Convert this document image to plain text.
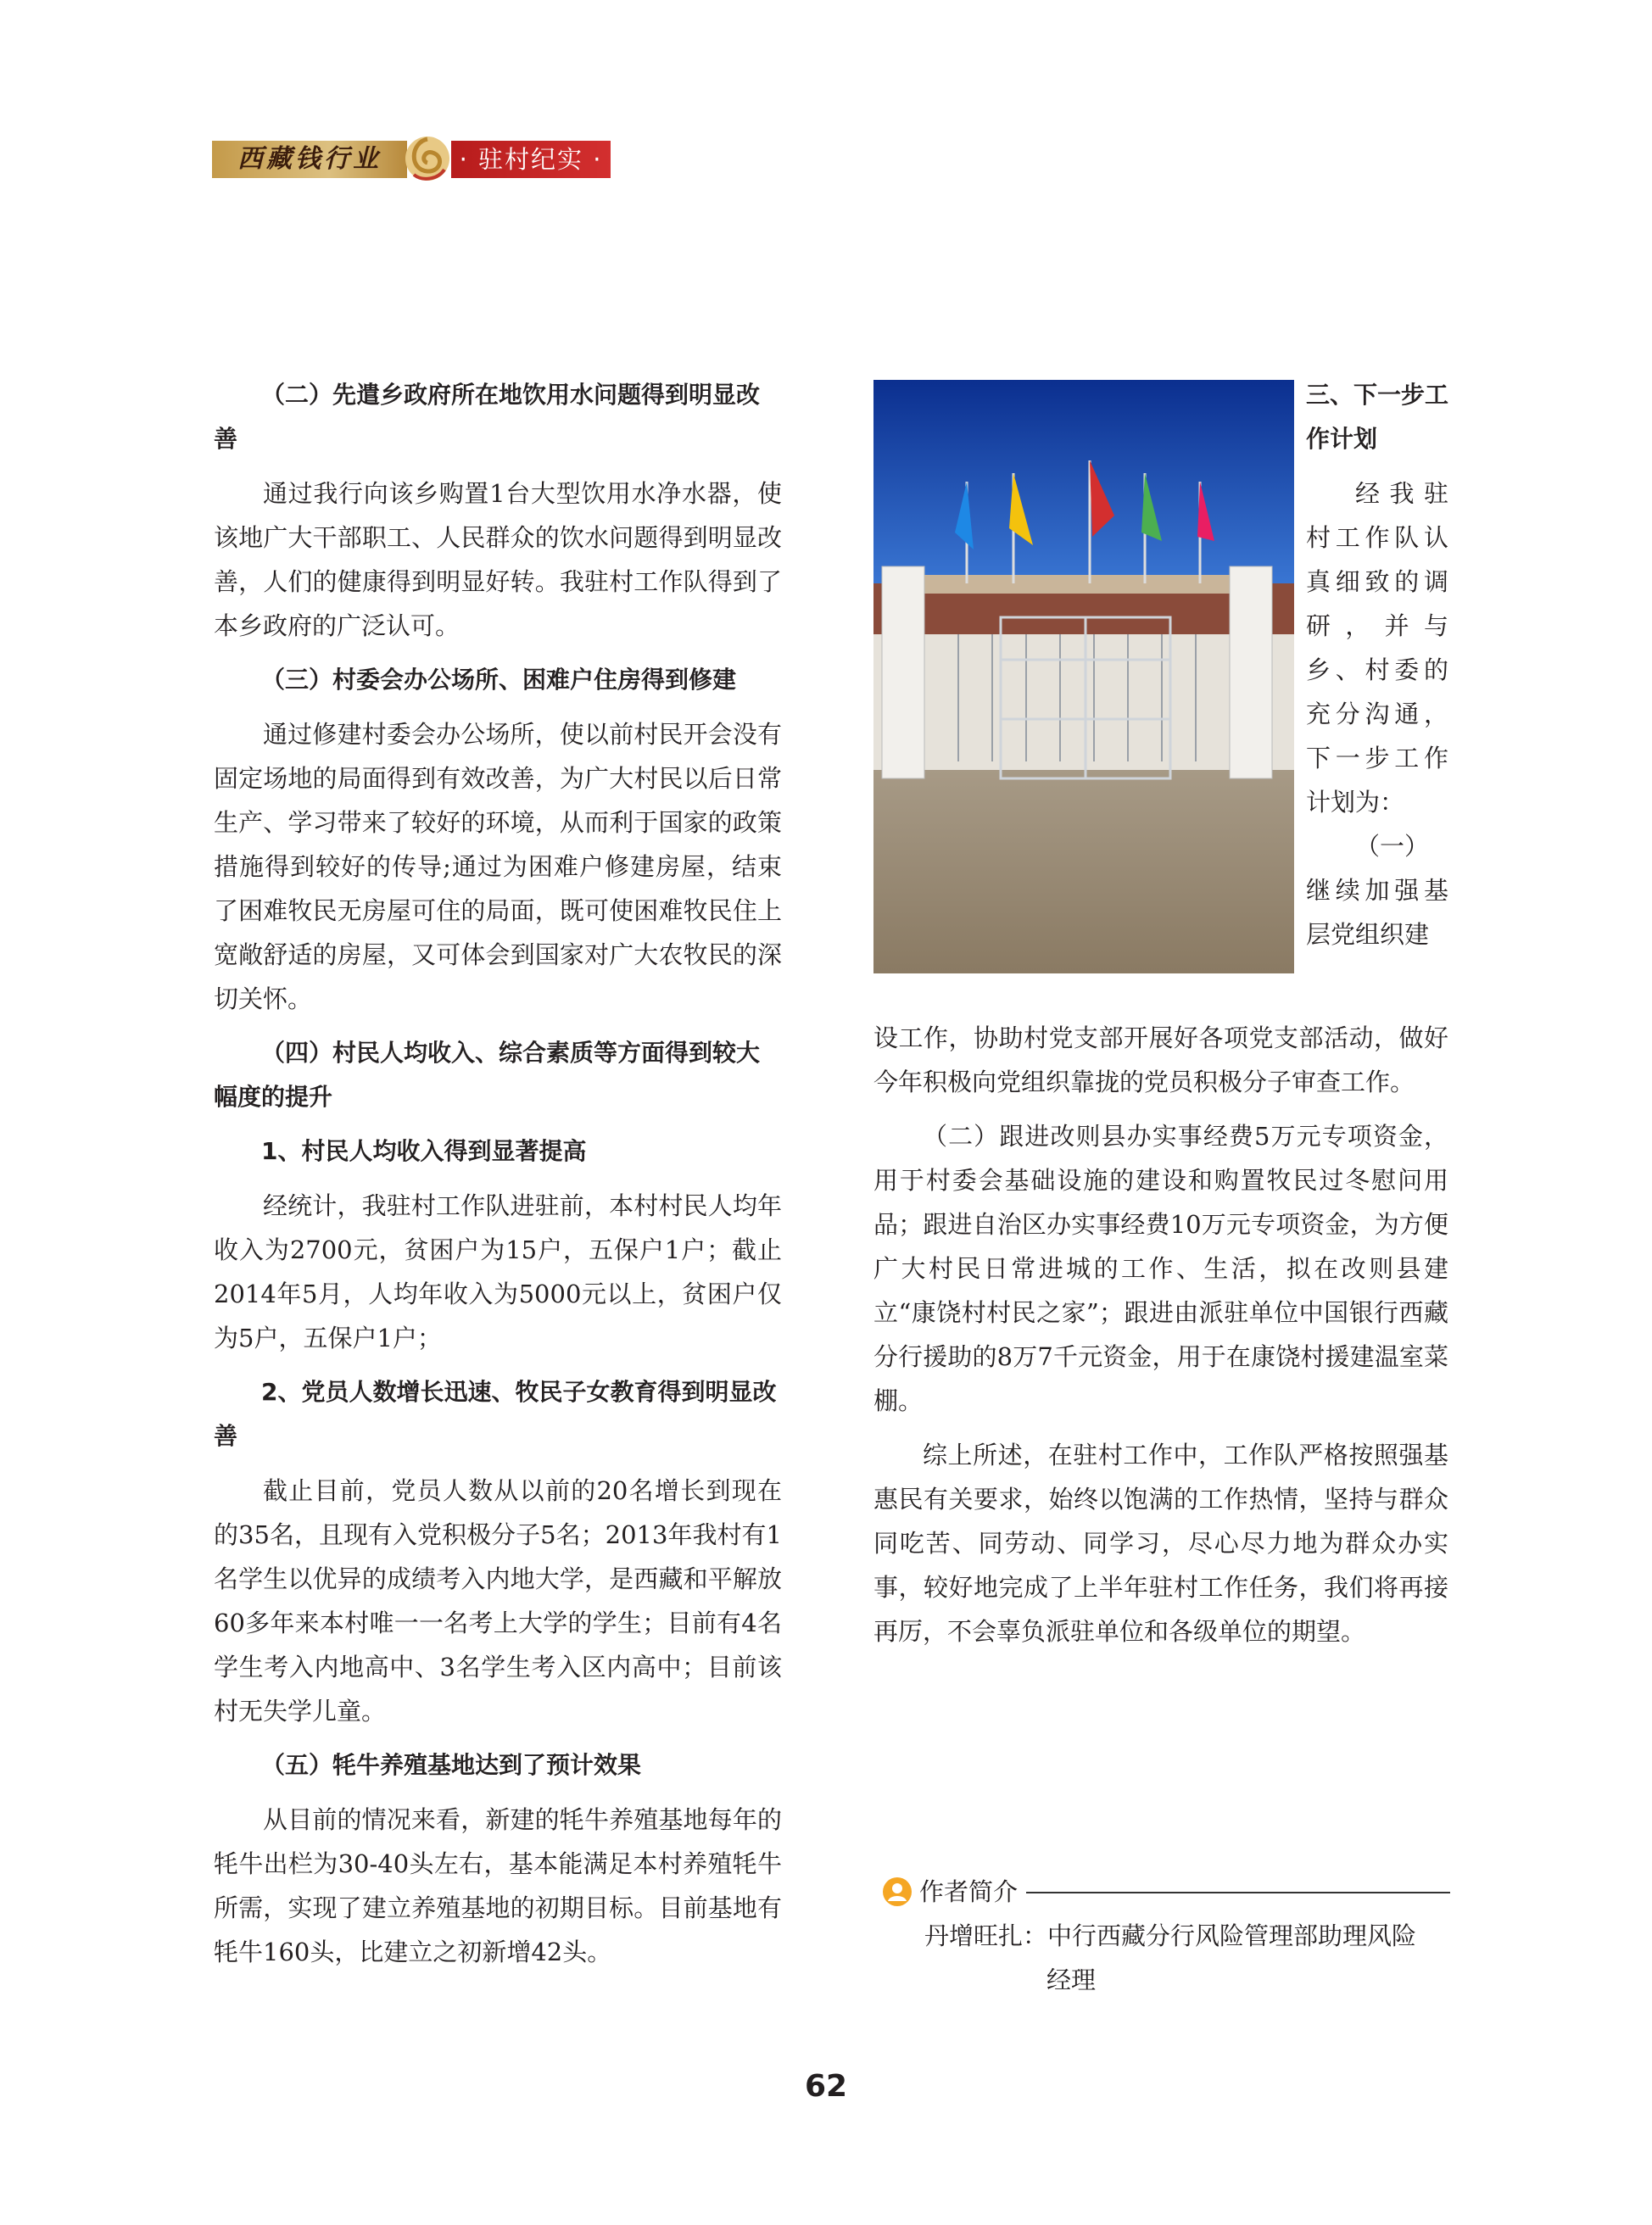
西藏钱行业	· 驻村纪实 ·

（二）先遣乡政府所在地饮用水问题得到明显改善

通过我行向该乡购置1台大型饮用水净水器，使该地广大干部职工、人民群众的饮水问题得到明显改善，人们的健康得到明显好转。我驻村工作队得到了本乡政府的广泛认可。

（三）村委会办公场所、困难户住房得到修建

通过修建村委会办公场所，使以前村民开会没有固定场地的局面得到有效改善，为广大村民以后日常生产、学习带来了较好的环境，从而利于国家的政策措施得到较好的传导;通过为困难户修建房屋，结束了困难牧民无房屋可住的局面，既可使困难牧民住上宽敞舒适的房屋，又可体会到国家对广大农牧民的深切关怀。

（四）村民人均收入、综合素质等方面得到较大幅度的提升

1、村民人均收入得到显著提高

经统计，我驻村工作队进驻前，本村村民人均年收入为2700元，贫困户为15户，五保户1户；截止2014年5月，人均年收入为5000元以上，贫困户仅为5户，五保户1户；

2、党员人数增长迅速、牧民子女教育得到明显改善

截止目前，党员人数从以前的20名增长到现在的35名，且现有入党积极分子5名；2013年我村有1名学生以优异的成绩考入内地大学，是西藏和平解放60多年来本村唯一一名考上大学的学生；目前有4名学生考入内地高中、3名学生考入区内高中；目前该村无失学儿童。

（五）牦牛养殖基地达到了预计效果

从目前的情况来看，新建的牦牛养殖基地每年的牦牛出栏为30-40头左右，基本能满足本村养殖牦牛所需，实现了建立养殖基地的初期目标。目前基地有牦牛160头，比建立之初新增42头。

三、下一步工作计划

经我驻村工作队认真细致的调研，并与乡、村委的充分沟通，下一步工作计划为：

（一）

继续加强基层党组织建

设工作，协助村党支部开展好各项党支部活动，做好今年积极向党组织靠拢的党员积极分子审查工作。

（二）跟进改则县办实事经费5万元专项资金，用于村委会基础设施的建设和购置牧民过冬慰问用品；跟进自治区办实事经费10万元专项资金，为方便广大村民日常进城的工作、生活，拟在改则县建立“康饶村村民之家”；跟进由派驻单位中国银行西藏分行援助的8万7千元资金，用于在康饶村援建温室菜棚。

综上所述，在驻村工作中，工作队严格按照强基惠民有关要求，始终以饱满的工作热情，坚持与群众同吃苦、同劳动、同学习，尽心尽力地为群众办实事，较好地完成了上半年驻村工作任务，我们将再接再厉，不会辜负派驻单位和各级单位的期望。

作者简介

丹增旺扎：中行西藏分行风险管理部助理风险

经理

62
